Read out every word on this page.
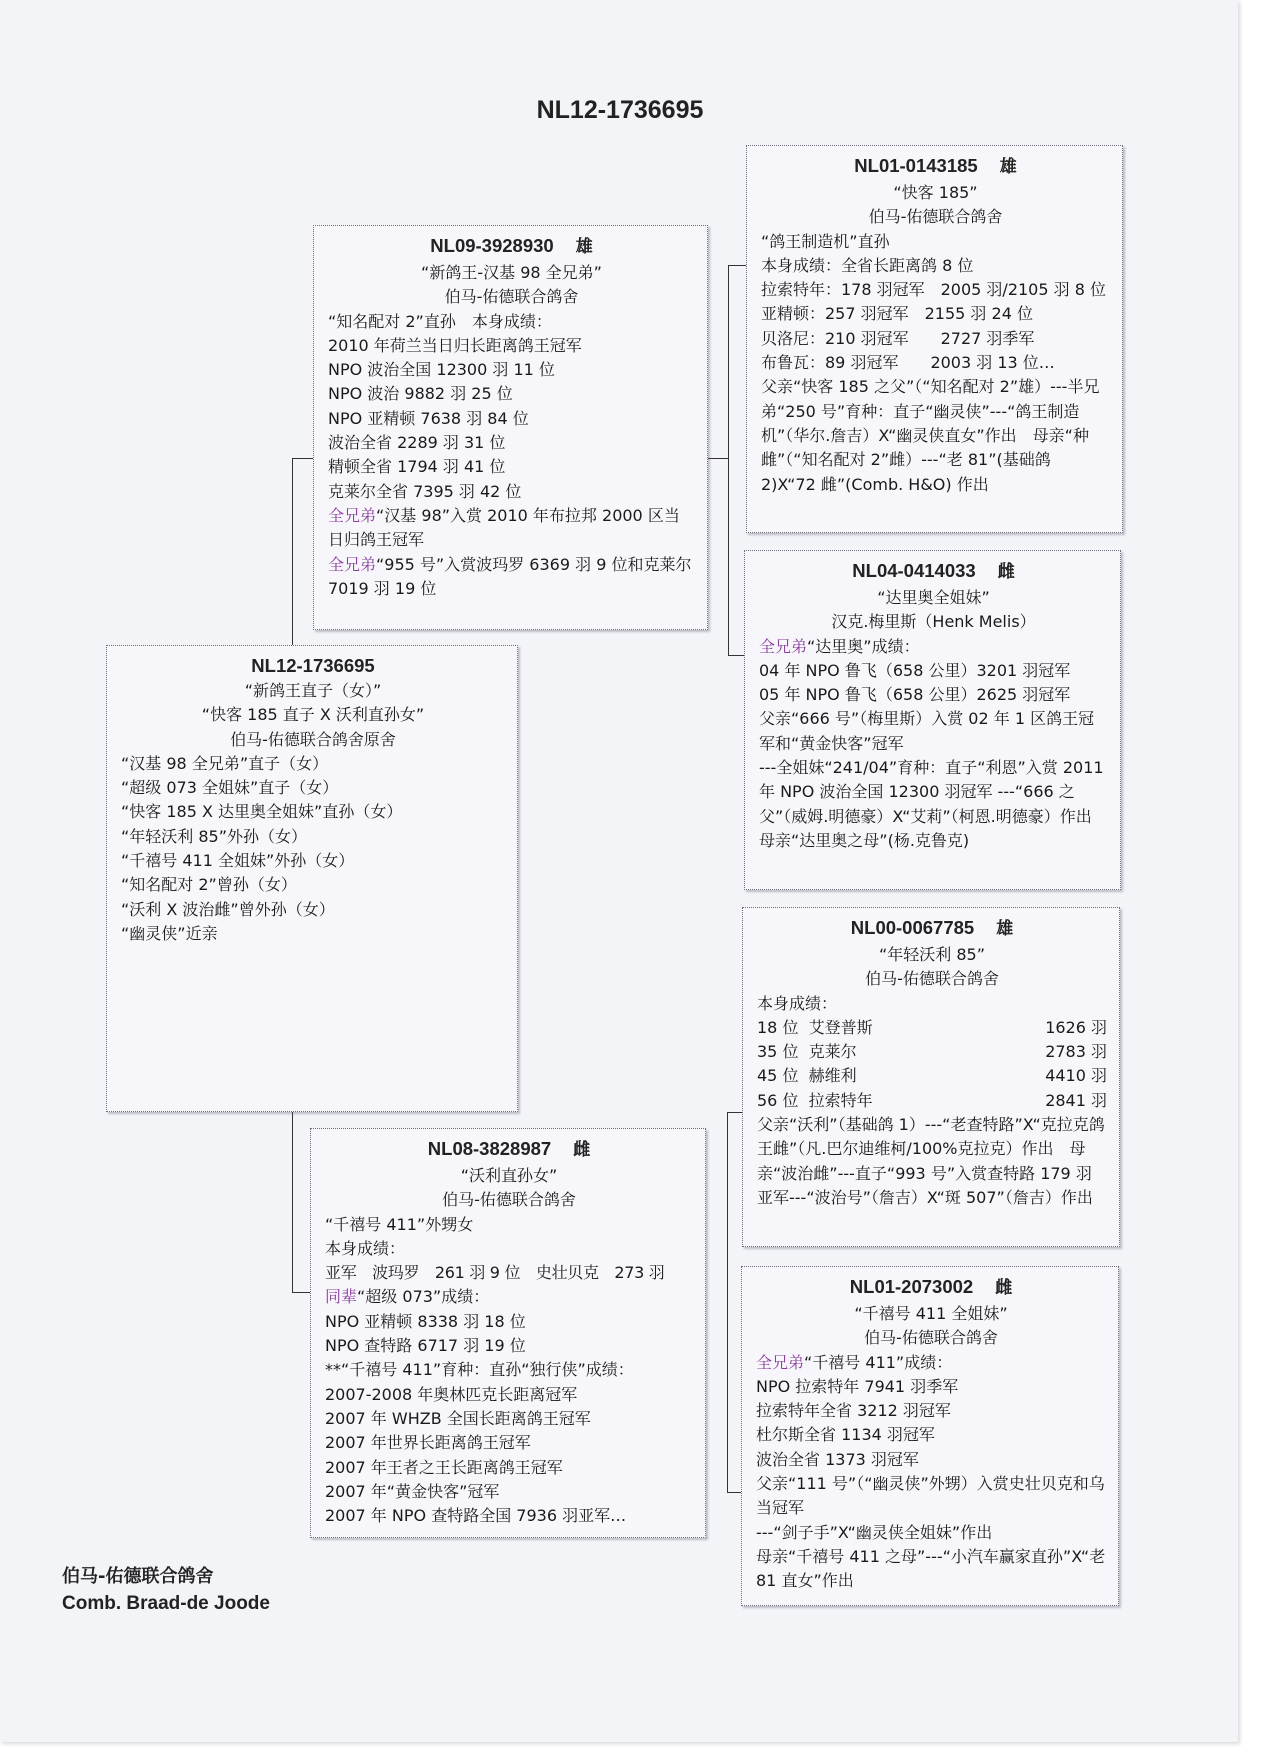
NL12-1736695
NL12-1736695
“新鸽王直子（女）”
“快客 185 直子 X 沃利直孙女”
伯马-佑德联合鸽舍原舍
“汉基 98 全兄弟”直子（女）
“超级 073 全姐妹”直子（女）
“快客 185 X 达里奥全姐妹”直孙（女）
“年轻沃利 85”外孙（女）
“千禧号 411 全姐妹”外孙（女）
“知名配对 2”曾孙（女）
“沃利 X 波治雌”曾外孙（女）
“幽灵侠”近亲
NL09-3928930 雄
“新鸽王-汉基 98 全兄弟”
伯马-佑德联合鸽舍
“知名配对 2”直孙　本身成绩：
2010 年荷兰当日归长距离鸽王冠军
NPO 波治全国 12300 羽 11 位
NPO 波治 9882 羽 25 位
NPO 亚精顿 7638 羽 84 位
波治全省 2289 羽 31 位
精顿全省 1794 羽 41 位
克莱尔全省 7395 羽 42 位
全兄弟“汉基 98”入赏 2010 年布拉邦 2000 区当日归鸽王冠军
全兄弟“955 号”入赏波玛罗 6369 羽 9 位和克莱尔 7019 羽 19 位
NL08-3828987 雌
“沃利直孙女”
伯马-佑德联合鸽舍
“千禧号 411”外甥女
本身成绩：
亚军　波玛罗　261 羽 9 位　史壮贝克　273 羽
同辈“超级 073”成绩：
NPO 亚精顿 8338 羽 18 位
NPO 查特路 6717 羽 19 位
**“千禧号 411”育种：直孙“独行侠”成绩：
2007-2008 年奥林匹克长距离冠军
2007 年 WHZB 全国长距离鸽王冠军
2007 年世界长距离鸽王冠军
2007 年王者之王长距离鸽王冠军
2007 年“黄金快客”冠军
2007 年 NPO 查特路全国 7936 羽亚军…
NL01-0143185 雄
“快客 185”
伯马-佑德联合鸽舍
“鸽王制造机”直孙
本身成绩：全省长距离鸽 8 位
拉索特年：178 羽冠军　2005 羽/2105 羽 8 位　亚精顿：257 羽冠军　2155 羽 24 位
贝洛尼：210 羽冠军　　2727 羽季军
布鲁瓦：89 羽冠军　　2003 羽 13 位…
父亲“快客 185 之父”（“知名配对 2”雄）---半兄弟“250 号”育种：直子“幽灵侠”---“鸽王制造机”（华尔.詹吉）X“幽灵侠直女”作出　母亲“种雌”（“知名配对 2”雌）---“老 81”(基础鸽 2)X“72 雌”(Comb. H&O) 作出
NL04-0414033 雌
“达里奥全姐妹”
汉克.梅里斯（Henk Melis）
全兄弟“达里奥”成绩：
04 年 NPO 鲁飞（658 公里）3201 羽冠军
05 年 NPO 鲁飞（658 公里）2625 羽冠军
父亲“666 号”（梅里斯）入赏 02 年 1 区鸽王冠军和“黄金快客”冠军
---全姐妹“241/04”育种：直子“利恩”入赏 2011 年 NPO 波治全国 12300 羽冠军 ---“666 之父”（威姆.明德豪）X“艾莉”（柯恩.明德豪）作出
母亲“达里奥之母”(杨.克鲁克)
NL00-0067785 雄
“年轻沃利 85”
伯马-佑德联合鸽舍
本身成绩：
18 位 艾登普斯	1626 羽
35 位 克莱尔	2783 羽
45 位 赫维利	4410 羽
56 位 拉索特年	2841 羽
父亲“沃利”（基础鸽 1）---“老查特路”X“克拉克鸽王雌”（凡.巴尔迪维柯/100%克拉克）作出　母亲“波治雌”---直子“993 号”入赏查特路 179 羽亚军---“波治号”（詹吉）X“斑 507”（詹吉）作出
NL01-2073002 雌
“千禧号 411 全姐妹”
伯马-佑德联合鸽舍
全兄弟“千禧号 411”成绩：
NPO 拉索特年 7941 羽季军
拉索特年全省 3212 羽冠军
杜尔斯全省 1134 羽冠军
波治全省 1373 羽冠军
父亲“111 号”（“幽灵侠”外甥）入赏史壮贝克和乌当冠军
---“剑子手”X“幽灵侠全姐妹”作出
母亲“千禧号 411 之母”---“小汽车赢家直孙”X“老 81 直女”作出
伯马-佑德联合鸽舍
Comb. Braad-de Joode
